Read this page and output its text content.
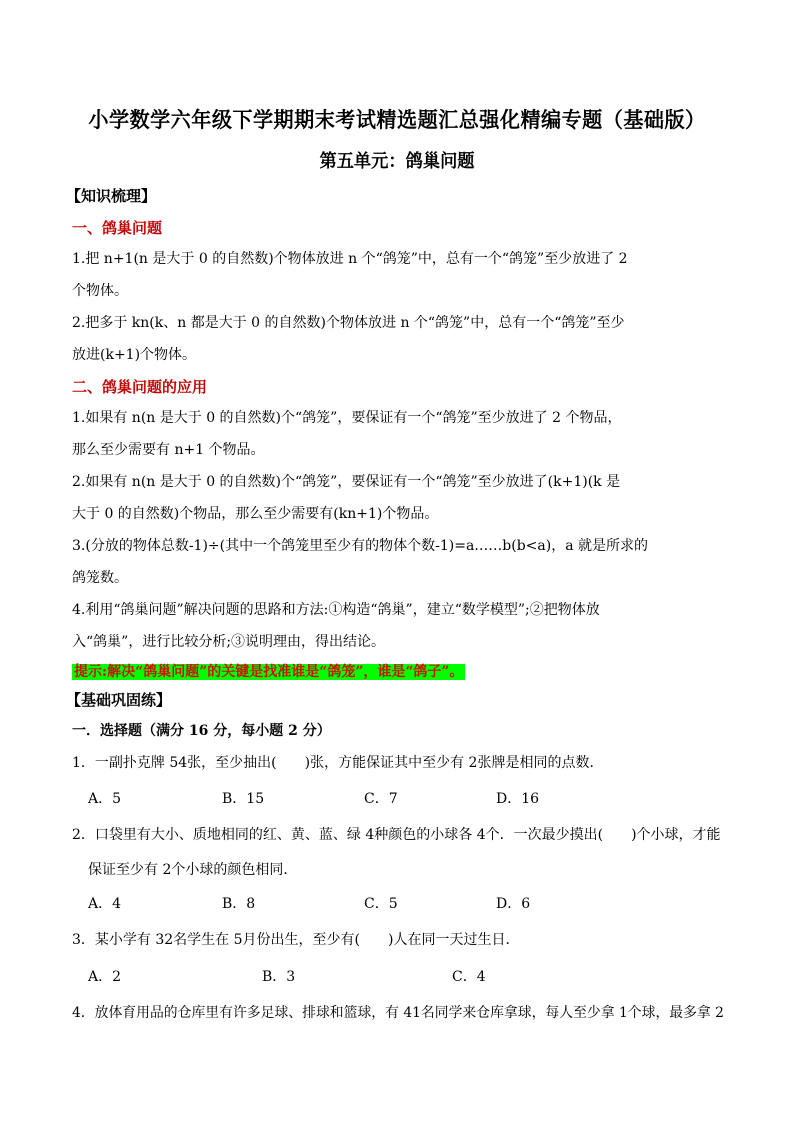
小学数学六年级下学期期末考试精选题汇总强化精编专题（基础版）
第五单元：鸽巢问题
【知识梳理】
一、鸽巢问题
1.把 n+1(n 是大于 0 的自然数)个物体放进 n 个“鸽笼”中，总有一个“鸽笼”至少放进了 2
个物体。
2.把多于 kn(k、n 都是大于 0 的自然数)个物体放进 n 个“鸽笼”中，总有一个“鸽笼”至少
放进(k+1)个物体。
二、鸽巢问题的应用
1.如果有 n(n 是大于 0 的自然数)个“鸽笼”，要保证有一个“鸽笼”至少放进了 2 个物品，
那么至少需要有 n+1 个物品。
2.如果有 n(n 是大于 0 的自然数)个“鸽笼”，要保证有一个“鸽笼”至少放进了(k+1)(k 是
大于 0 的自然数)个物品，那么至少需要有(kn+1)个物品。
3.(分放的物体总数-1)÷(其中一个鸽笼里至少有的物体个数-1)=a……b(b<a)，a 就是所求的
鸽笼数。
4.利用“鸽巢问题”解决问题的思路和方法:①构造“鸽巢”，建立“数学模型”;②把物体放
入“鸽巢”，进行比较分析;③说明理由，得出结论。
提示:解决“鸽巢问题”的关键是找准谁是“鸽笼”，谁是“鸽子”。
【基础巩固练】
一．选择题（满分 16 分，每小题 2 分）
1．一副扑克牌 54张，至少抽出(　　)张，方能保证其中至少有 2张牌是相同的点数．
A．5	B．15	C．7	D．16
2．口袋里有大小、质地相同的红、黄、蓝、绿 4种颜色的小球各 4个．一次最少摸出(　　)个小球，才能
保证至少有 2个小球的颜色相同．
A．4	B．8	C．5	D．6
3．某小学有 32名学生在 5月份出生，至少有(　　)人在同一天过生日．
A．2	B．3	C．4
4．放体育用品的仓库里有许多足球、排球和篮球，有 41名同学来仓库拿球，每人至少拿 1个球，最多拿 2
